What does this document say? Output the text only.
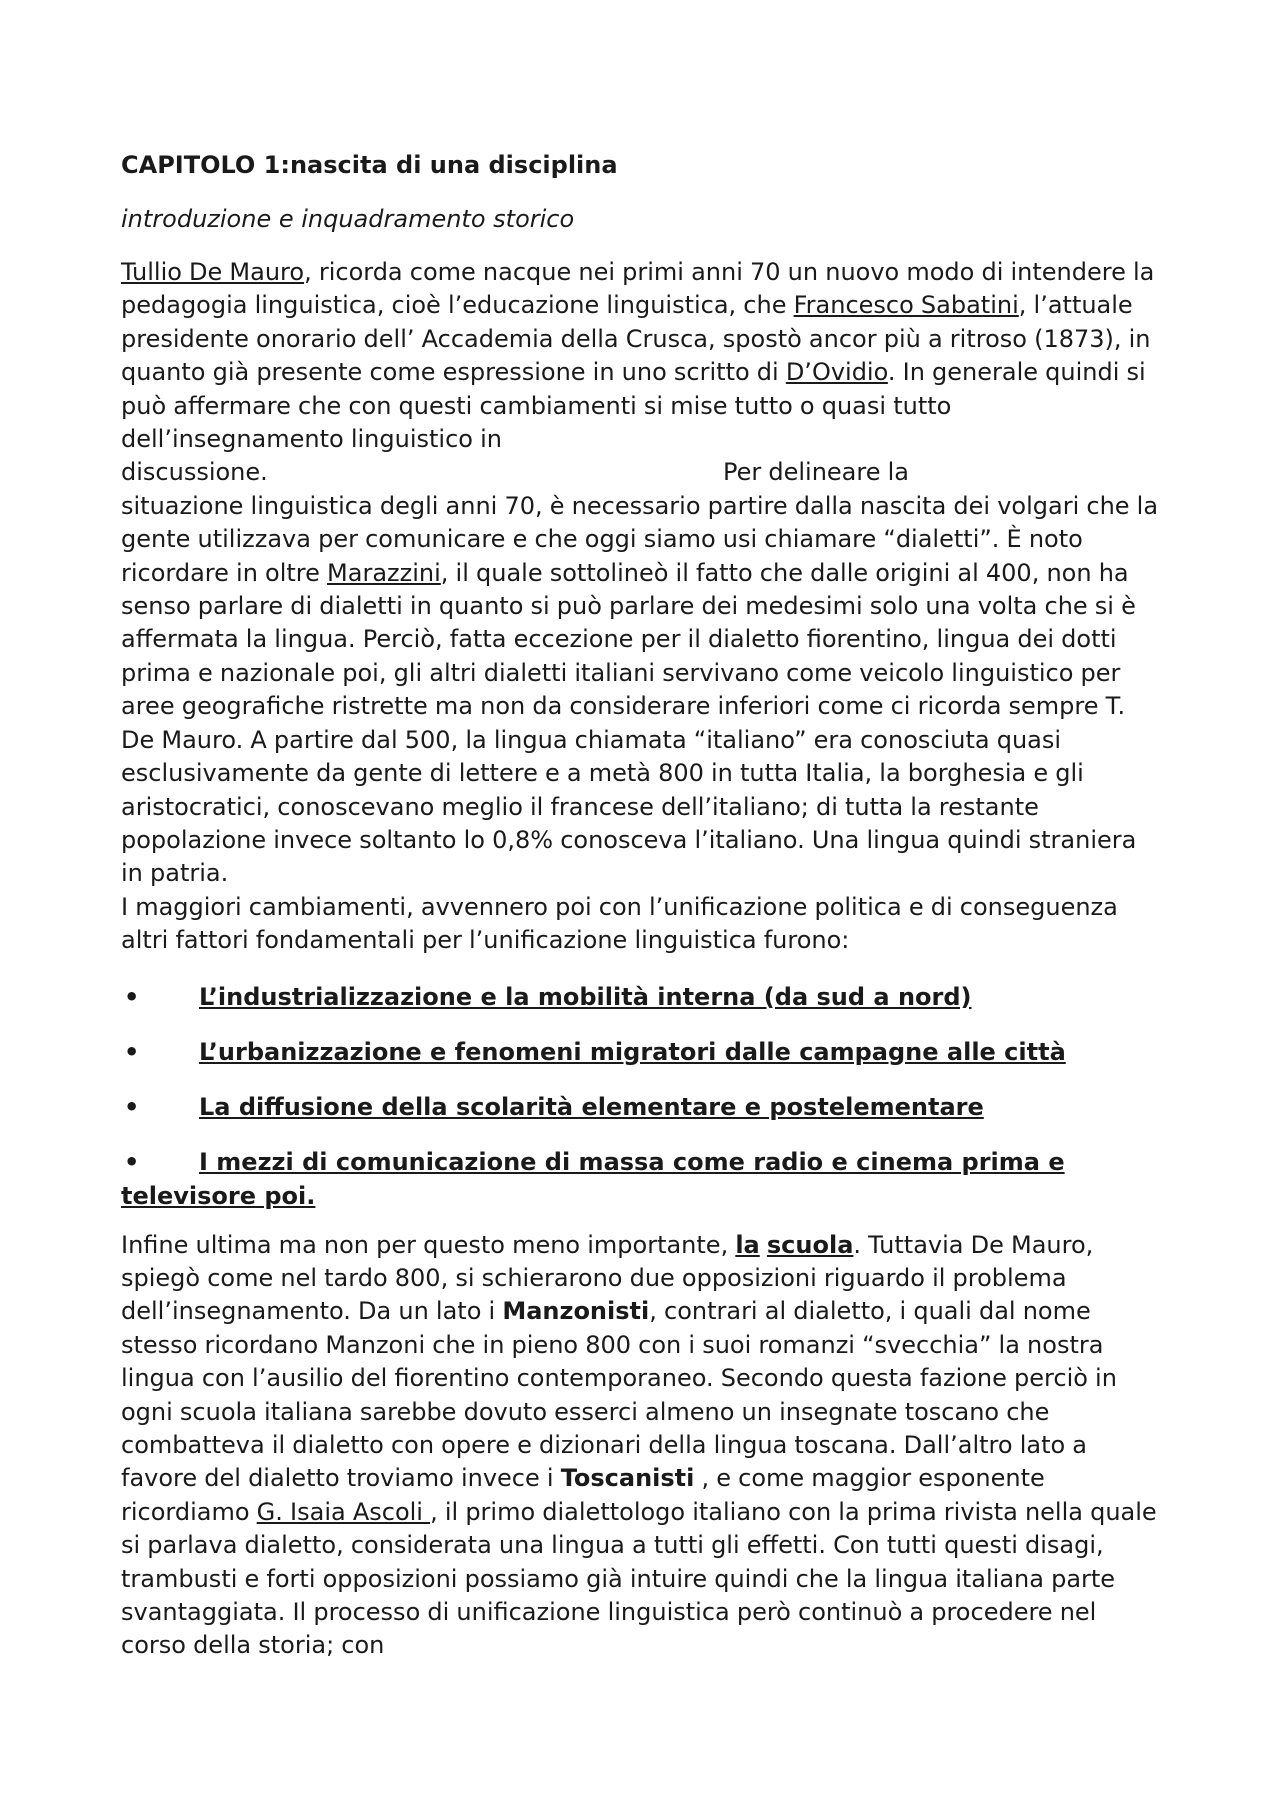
CAPITOLO 1:nascita di una disciplina

introduzione e inquadramento storico

Tullio De Mauro, ricorda come nacque nei primi anni 70 un nuovo modo di intendere la pedagogia linguistica, cioè l’educazione linguistica, che Francesco Sabatini, l’attuale presidente onorario dell’ Accademia della Crusca, spostò ancor più a ritroso (1873), in quanto già presente come espressione in uno scritto di D’Ovidio. In generale quindi si può affermare che con questi cambiamenti si mise tutto o quasi tutto dell’insegnamento linguistico in

discussione.	Per delineare la

situazione linguistica degli anni 70, è necessario partire dalla nascita dei volgari che la gente utilizzava per comunicare e che oggi siamo usi chiamare “dialetti”. È noto ricordare in oltre Marazzini, il quale sottolineò il fatto che dalle origini al 400, non ha senso parlare di dialetti in quanto si può parlare dei medesimi solo una volta che si è affermata la lingua. Perciò, fatta eccezione per il dialetto fiorentino, lingua dei dotti prima e nazionale poi, gli altri dialetti italiani servivano come veicolo linguistico per aree geografiche ristrette ma non da considerare inferiori come ci ricorda sempre T. De Mauro. A partire dal 500, la lingua chiamata “italiano” era conosciuta quasi esclusivamente da gente di lettere e a metà 800 in tutta Italia, la borghesia e gli aristocratici, conoscevano meglio il francese dell’italiano; di tutta la restante popolazione invece soltanto lo 0,8% conosceva l’italiano. Una lingua quindi straniera in patria.

I maggiori cambiamenti, avvennero poi con l’unificazione politica e di conseguenza altri fattori fondamentali per l’unificazione linguistica furono:

• L’industrializzazione e la mobilità interna (da sud a nord)
• L’urbanizzazione e fenomeni migratori dalle campagne alle città
• La diffusione della scolarità elementare e postelementare
• I mezzi di comunicazione di massa come radio e cinema prima e televisore poi.

Infine ultima ma non per questo meno importante, la scuola. Tuttavia De Mauro, spiegò come nel tardo 800, si schierarono due opposizioni riguardo il problema dell’insegnamento. Da un lato i Manzonisti, contrari al dialetto, i quali dal nome stesso ricordano Manzoni che in pieno 800 con i suoi romanzi “svecchia” la nostra lingua con l’ausilio del fiorentino contemporaneo. Secondo questa fazione perciò in ogni scuola italiana sarebbe dovuto esserci almeno un insegnate toscano che combatteva il dialetto con opere e dizionari della lingua toscana. Dall’altro lato a favore del dialetto troviamo invece i Toscanisti , e come maggior esponente ricordiamo G. Isaia Ascoli , il primo dialettologo italiano con la prima rivista nella quale si parlava dialetto, considerata una lingua a tutti gli effetti. Con tutti questi disagi, trambusti e forti opposizioni possiamo già intuire quindi che la lingua italiana parte svantaggiata. Il processo di unificazione linguistica però continuò a procedere nel corso della storia; con
